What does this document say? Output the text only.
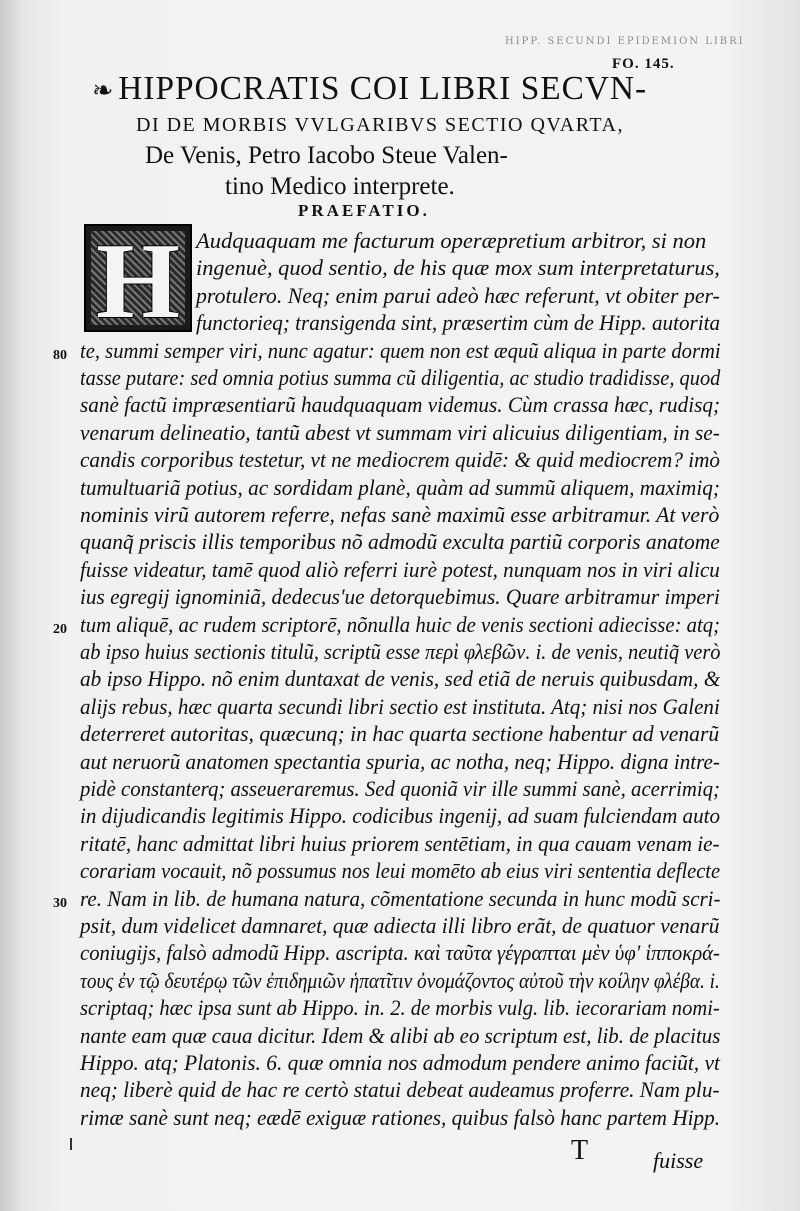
HIPP. SECUNDI EPIDEMION LIBRI
FO. 145.
❧ HIPPOCRATIS COI LIBRI SECVN-
DI DE MORBIS VVLGARIBVS SECTIO QVARTA,
De Venis, Petro Iacobo Steue Valen-
tino Medico interprete.
PRAEFATIO.
H Audquaquam me facturum operæpretium arbitror, si non
ingenuè, quod sentio, de his quæ mox sum interpretaturus,
protulero. Neq; enim parui adeò hæc referunt, vt obiter per-
functorieq; transigenda sint, præsertim cùm de Hipp. autorita
te, summi semper viri, nunc agatur: quem non est æquũ aliqua in parte dormi
tasse putare: sed omnia potius summa cũ diligentia, ac studio tradidisse, quod
sanè factũ impræsentiarũ haudquaquam videmus. Cùm crassa hæc, rudisq;
venarum delineatio, tantũ abest vt summam viri alicuius diligentiam, in se-
candis corporibus testetur, vt ne mediocrem quidē: & quid mediocrem? imò
tumultuariã potius, ac sordidam planè, quàm ad summũ aliquem, maximiq;
nominis virũ autorem referre, nefas sanè maximũ esse arbitramur. At verò
quanq̃ priscis illis temporibus nõ admodũ exculta partiũ corporis anatome
fuisse videatur, tamē quod aliò referri iurè potest, nunquam nos in viri alicu
ius egregij ignominiã, dedecus'ue detorquebimus. Quare arbitramur imperi
tum aliquē, ac rudem scriptorē, nõnulla huic de venis sectioni adiecisse: atq;
ab ipso huius sectionis titulũ, scriptũ esse περὶ φλεβῶν. i. de venis, neutiq̃ verò
ab ipso Hippo. nõ enim duntaxat de venis, sed etiã de neruis quibusdam, &
alijs rebus, hæc quarta secundi libri sectio est instituta. Atq; nisi nos Galeni
deterreret autoritas, quæcunq; in hac quarta sectione habentur ad venarũ
aut neruorũ anatomen spectantia spuria, ac notha, neq; Hippo. digna intre-
pidè constanterq; asseueraremus. Sed quoniã vir ille summi sanè, acerrimiq;
in dijudicandis legitimis Hippo. codicibus ingenij, ad suam fulciendam auto
ritatē, hanc admittat libri huius priorem sentētiam, in qua cauam venam ie-
corariam vocauit, nõ possumus nos leui momēto ab eius viri sententia deflecte
re. Nam in lib. de humana natura, cõmentatione secunda in hunc modũ scri-
psit, dum videlicet damnaret, quæ adiecta illi libro erãt, de quatuor venarũ
coniugijs, falsò admodũ Hipp. ascripta. καὶ ταῦτα γέγραπται μὲν ὑφ' ἱπποκρά-
τους ἐν τῷ δευτέρῳ τῶν ἐπιδημιῶν ἡπατῖτιν ὀνομάζοντος αὐτοῦ τὴν κοίλην φλέβα. i.
scriptaq; hæc ipsa sunt ab Hippo. in. 2. de morbis vulg. lib. iecorariam nomi-
nante eam quæ caua dicitur. Idem & alibi ab eo scriptum est, lib. de placitus
Hippo. atq; Platonis. 6. quæ omnia nos admodum pendere animo faciũt, vt
neq; liberè quid de hac re certò statui debeat audeamus proferre. Nam plu-
rimæ sanè sunt neq; eædē exiguæ rationes, quibus falsò hanc partem Hipp.
80
20
30
T	fuisse
